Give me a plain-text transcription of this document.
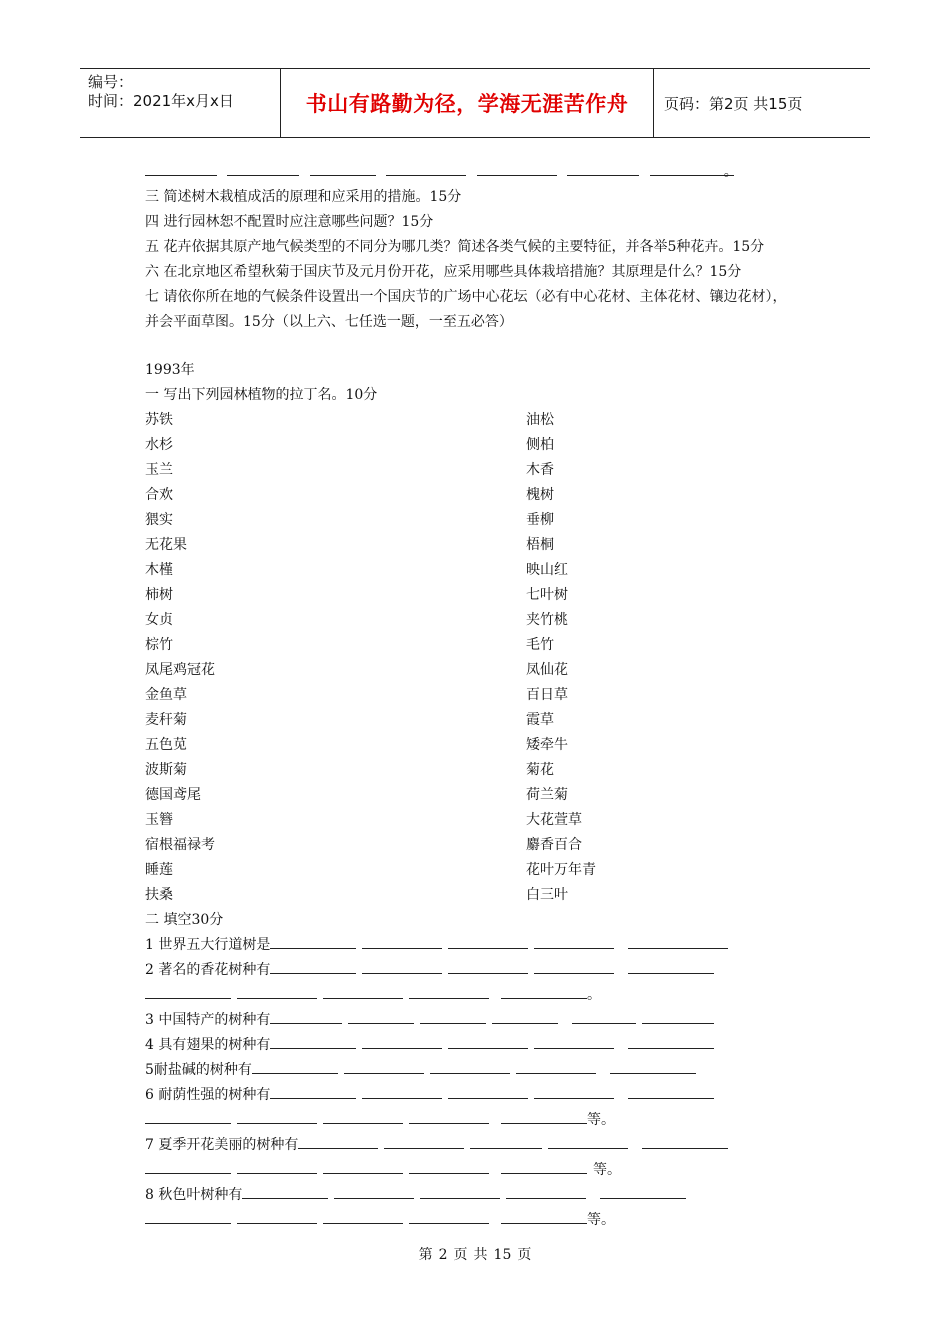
编号：
时间：2021年x月x日	书山有路勤为径，学海无涯苦作舟	页码：第2页 共15页
。
三 简述树木栽植成活的原理和应采用的措施。15分
四 进行园林恕不配置时应注意哪些问题？15分
五 花卉依据其原产地气候类型的不同分为哪几类？简述各类气候的主要特征，并各举5种花卉。15分
六 在北京地区希望秋菊于国庆节及元月份开花，应采用哪些具体栽培措施？其原理是什么？15分
七 请依你所在地的气候条件设置出一个国庆节的广场中心花坛（必有中心花材、主体花材、镶边花材），
并会平面草图。15分（以上六、七任选一题，一至五必答）
1993年
一 写出下列园林植物的拉丁名。10分
苏铁	油松
水杉	侧柏
玉兰	木香
合欢	槐树
猥实	垂柳
无花果	梧桐
木槿	映山红
柿树	七叶树
女贞	夹竹桃
棕竹	毛竹
凤尾鸡冠花	凤仙花
金鱼草	百日草
麦秆菊	霞草
五色苋	矮牵牛
波斯菊	菊花
德国鸢尾	荷兰菊
玉簪	大花萱草
宿根福禄考	麝香百合
睡莲	花叶万年青
扶桑	白三叶
二 填空30分
1 世界五大行道树是
2 著名的香花树种有
。
3 中国特产的树种有
4 具有翅果的树种有
5耐盐碱的树种有
6 耐荫性强的树种有
等。
7 夏季开花美丽的树种有
等。
8 秋色叶树种有
等。
第 2 页 共 15 页
